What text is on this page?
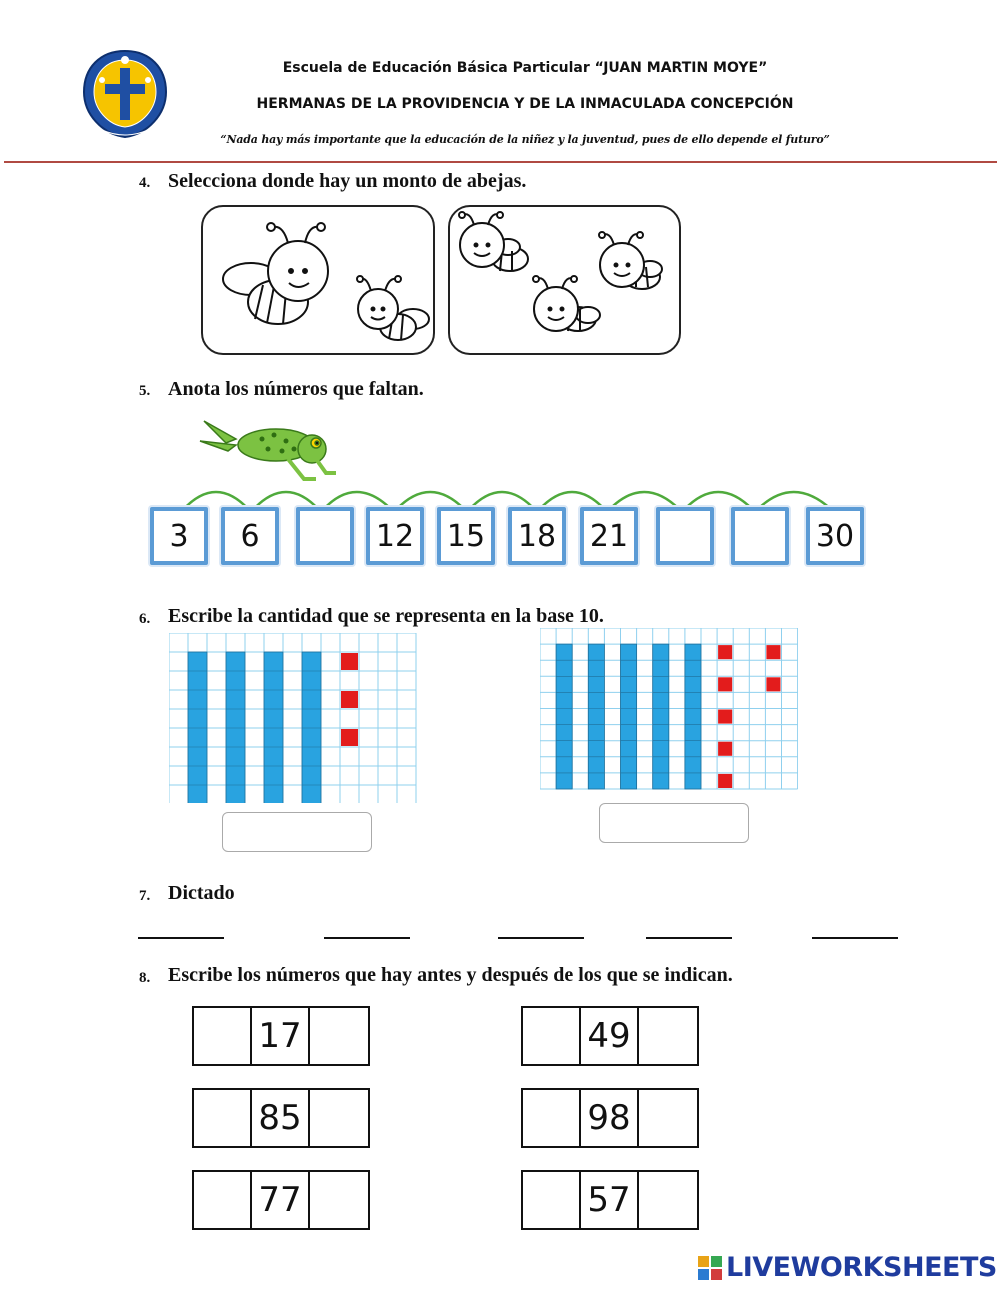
Escuela de Educación Básica Particular “JUAN MARTIN MOYE”
HERMANAS DE LA PROVIDENCIA Y DE LA INMACULADA CONCEPCIÓN
“Nada hay más importante que la educación de la niñez y la juventud, pues de ello depende el futuro”
4. Selecciona donde hay un monto de abejas.
5. Anota los números que faltan.
3	6	12	15	18	21	30
6. Escribe la cantidad que se representa en la base 10.
7. Dictado
8. Escribe los números que hay antes y después de los que se indican.
17
85
77
49
98
57
LIVEWORKSHEETS
